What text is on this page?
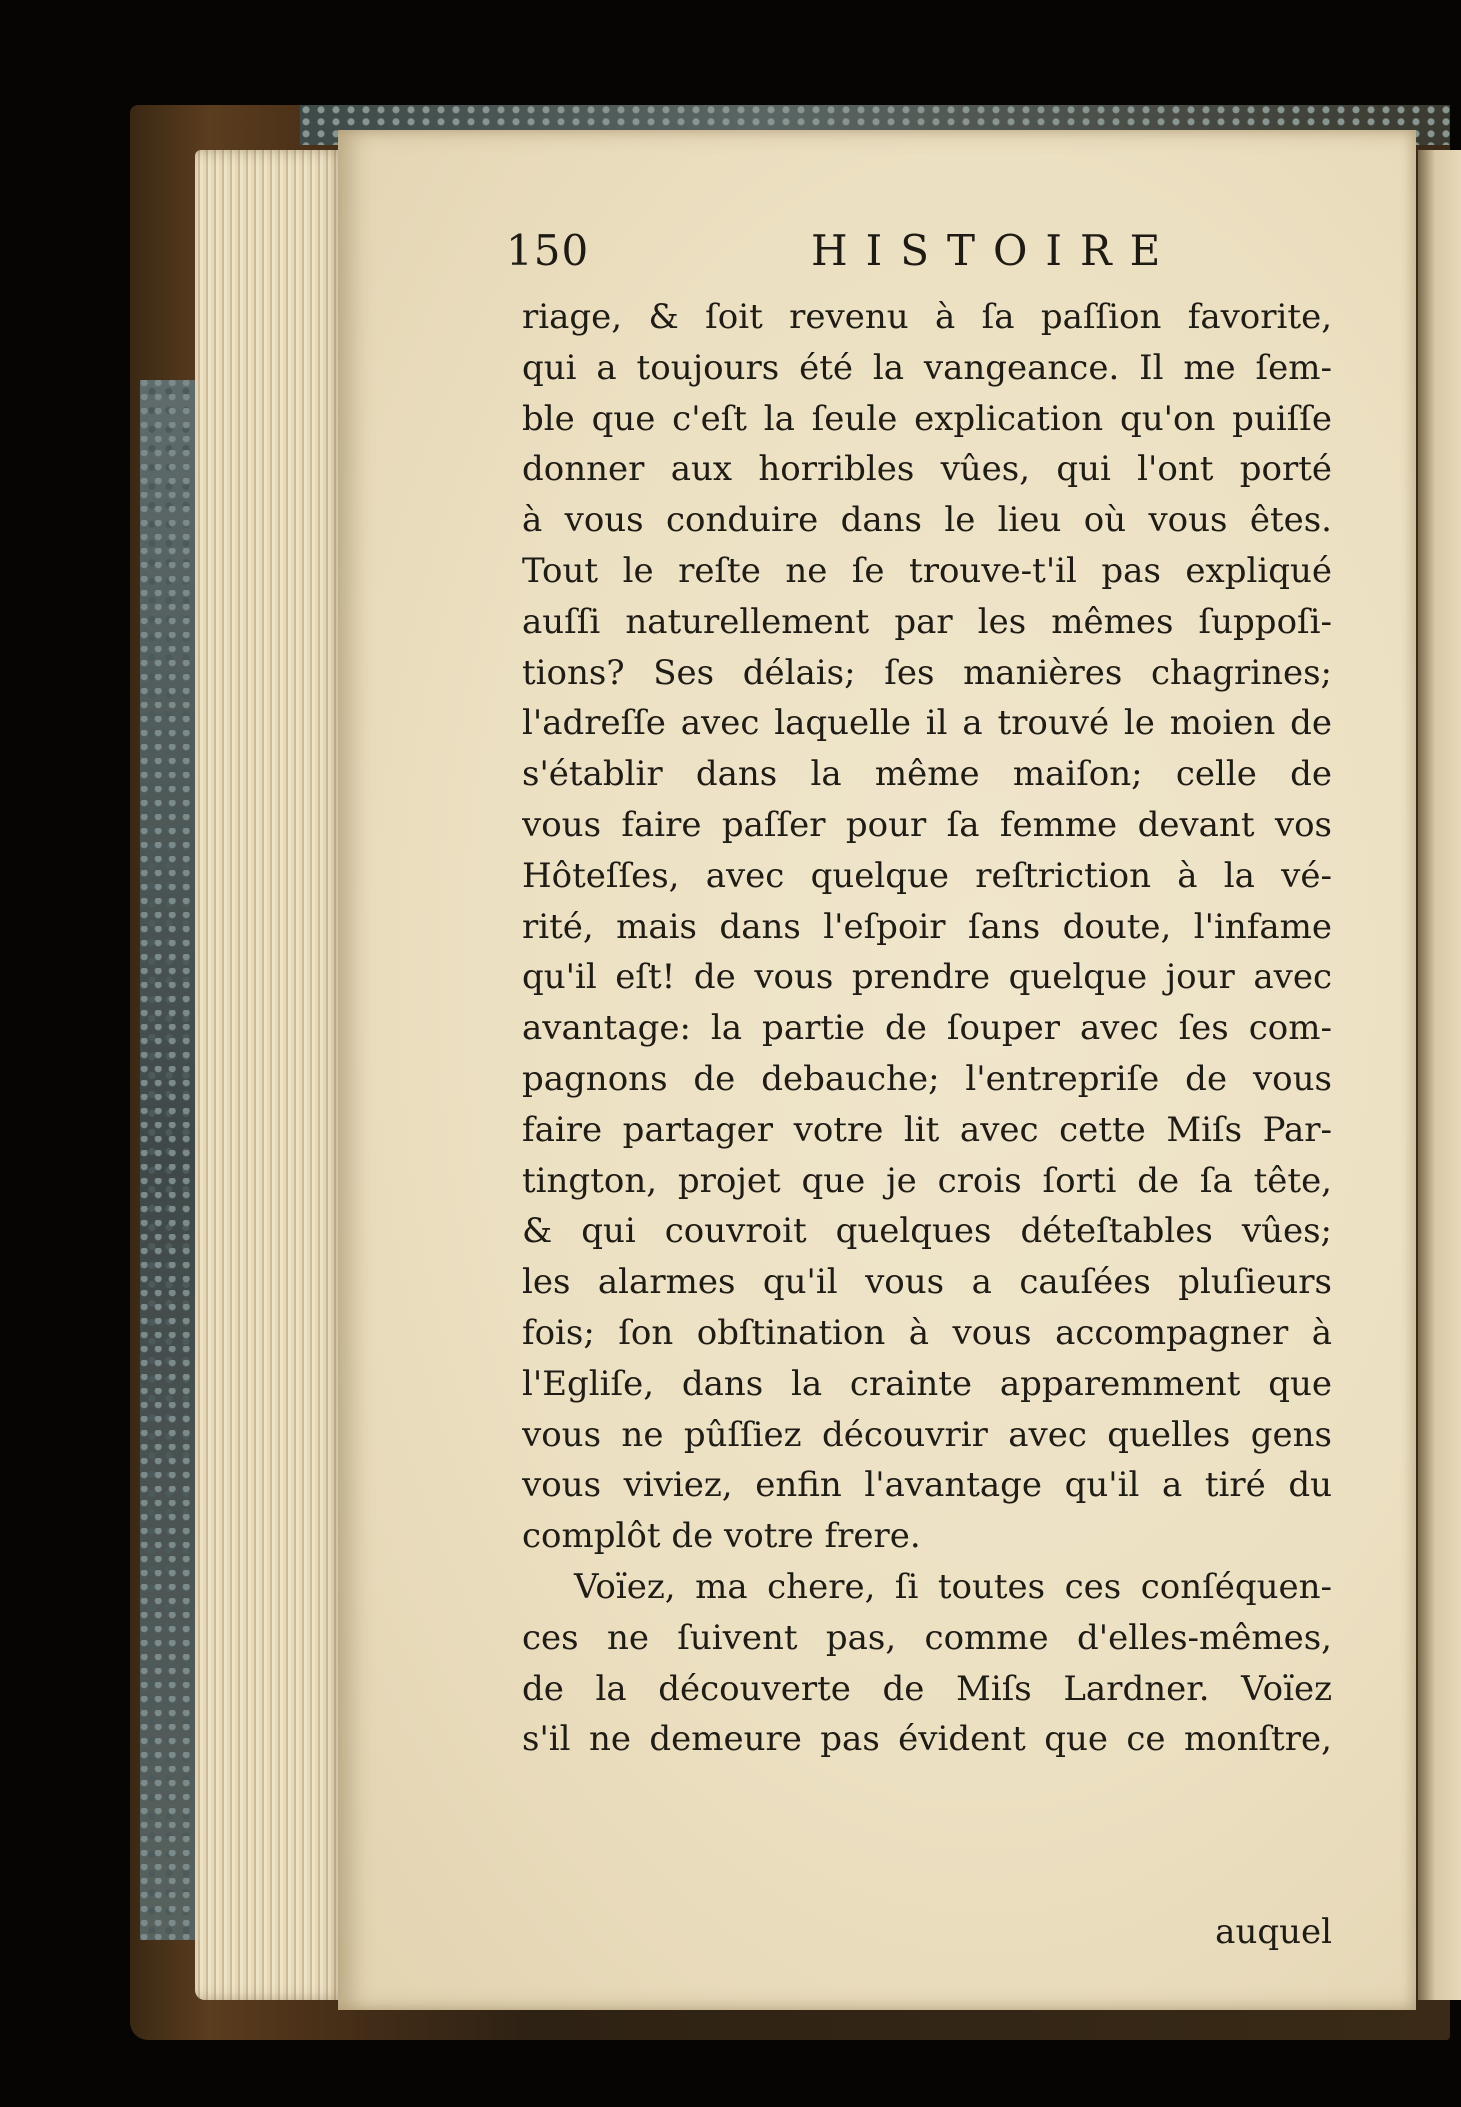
150	HISTOIRE
riage, & ſoit revenu à ſa paſſion favorite,
qui a toujours été la vangeance. Il me ſem-
ble que c'eſt la ſeule explication qu'on puiſſe
donner aux horribles vûes, qui l'ont porté
à vous conduire dans le lieu où vous êtes.
Tout le reſte ne ſe trouve-t'il pas expliqué
auſſi naturellement par les mêmes ſuppoſi-
tions? Ses délais; ſes manières chagrines;
l'adreſſe avec laquelle il a trouvé le moien de
s'établir dans la même maiſon; celle de
vous faire paſſer pour ſa femme devant vos
Hôteſſes, avec quelque reſtriction à la vé-
rité, mais dans l'eſpoir ſans doute, l'infame
qu'il eſt! de vous prendre quelque jour avec
avantage: la partie de ſouper avec ſes com-
pagnons de debauche; l'entrepriſe de vous
faire partager votre lit avec cette Miſs Par-
tington, projet que je crois ſorti de ſa tête,
& qui couvroit quelques déteſtables vûes;
les alarmes qu'il vous a cauſées pluſieurs
fois; ſon obſtination à vous accompagner à
l'Egliſe, dans la crainte apparemment que
vous ne pûſſiez découvrir avec quelles gens
vous viviez, enfin l'avantage qu'il a tiré du
complôt de votre frere.
Voïez, ma chere, ſi toutes ces conſéquen-
ces ne ſuivent pas, comme d'elles-mêmes,
de la découverte de Miſs Lardner. Voïez
s'il ne demeure pas évident que ce monſtre,
auquel
